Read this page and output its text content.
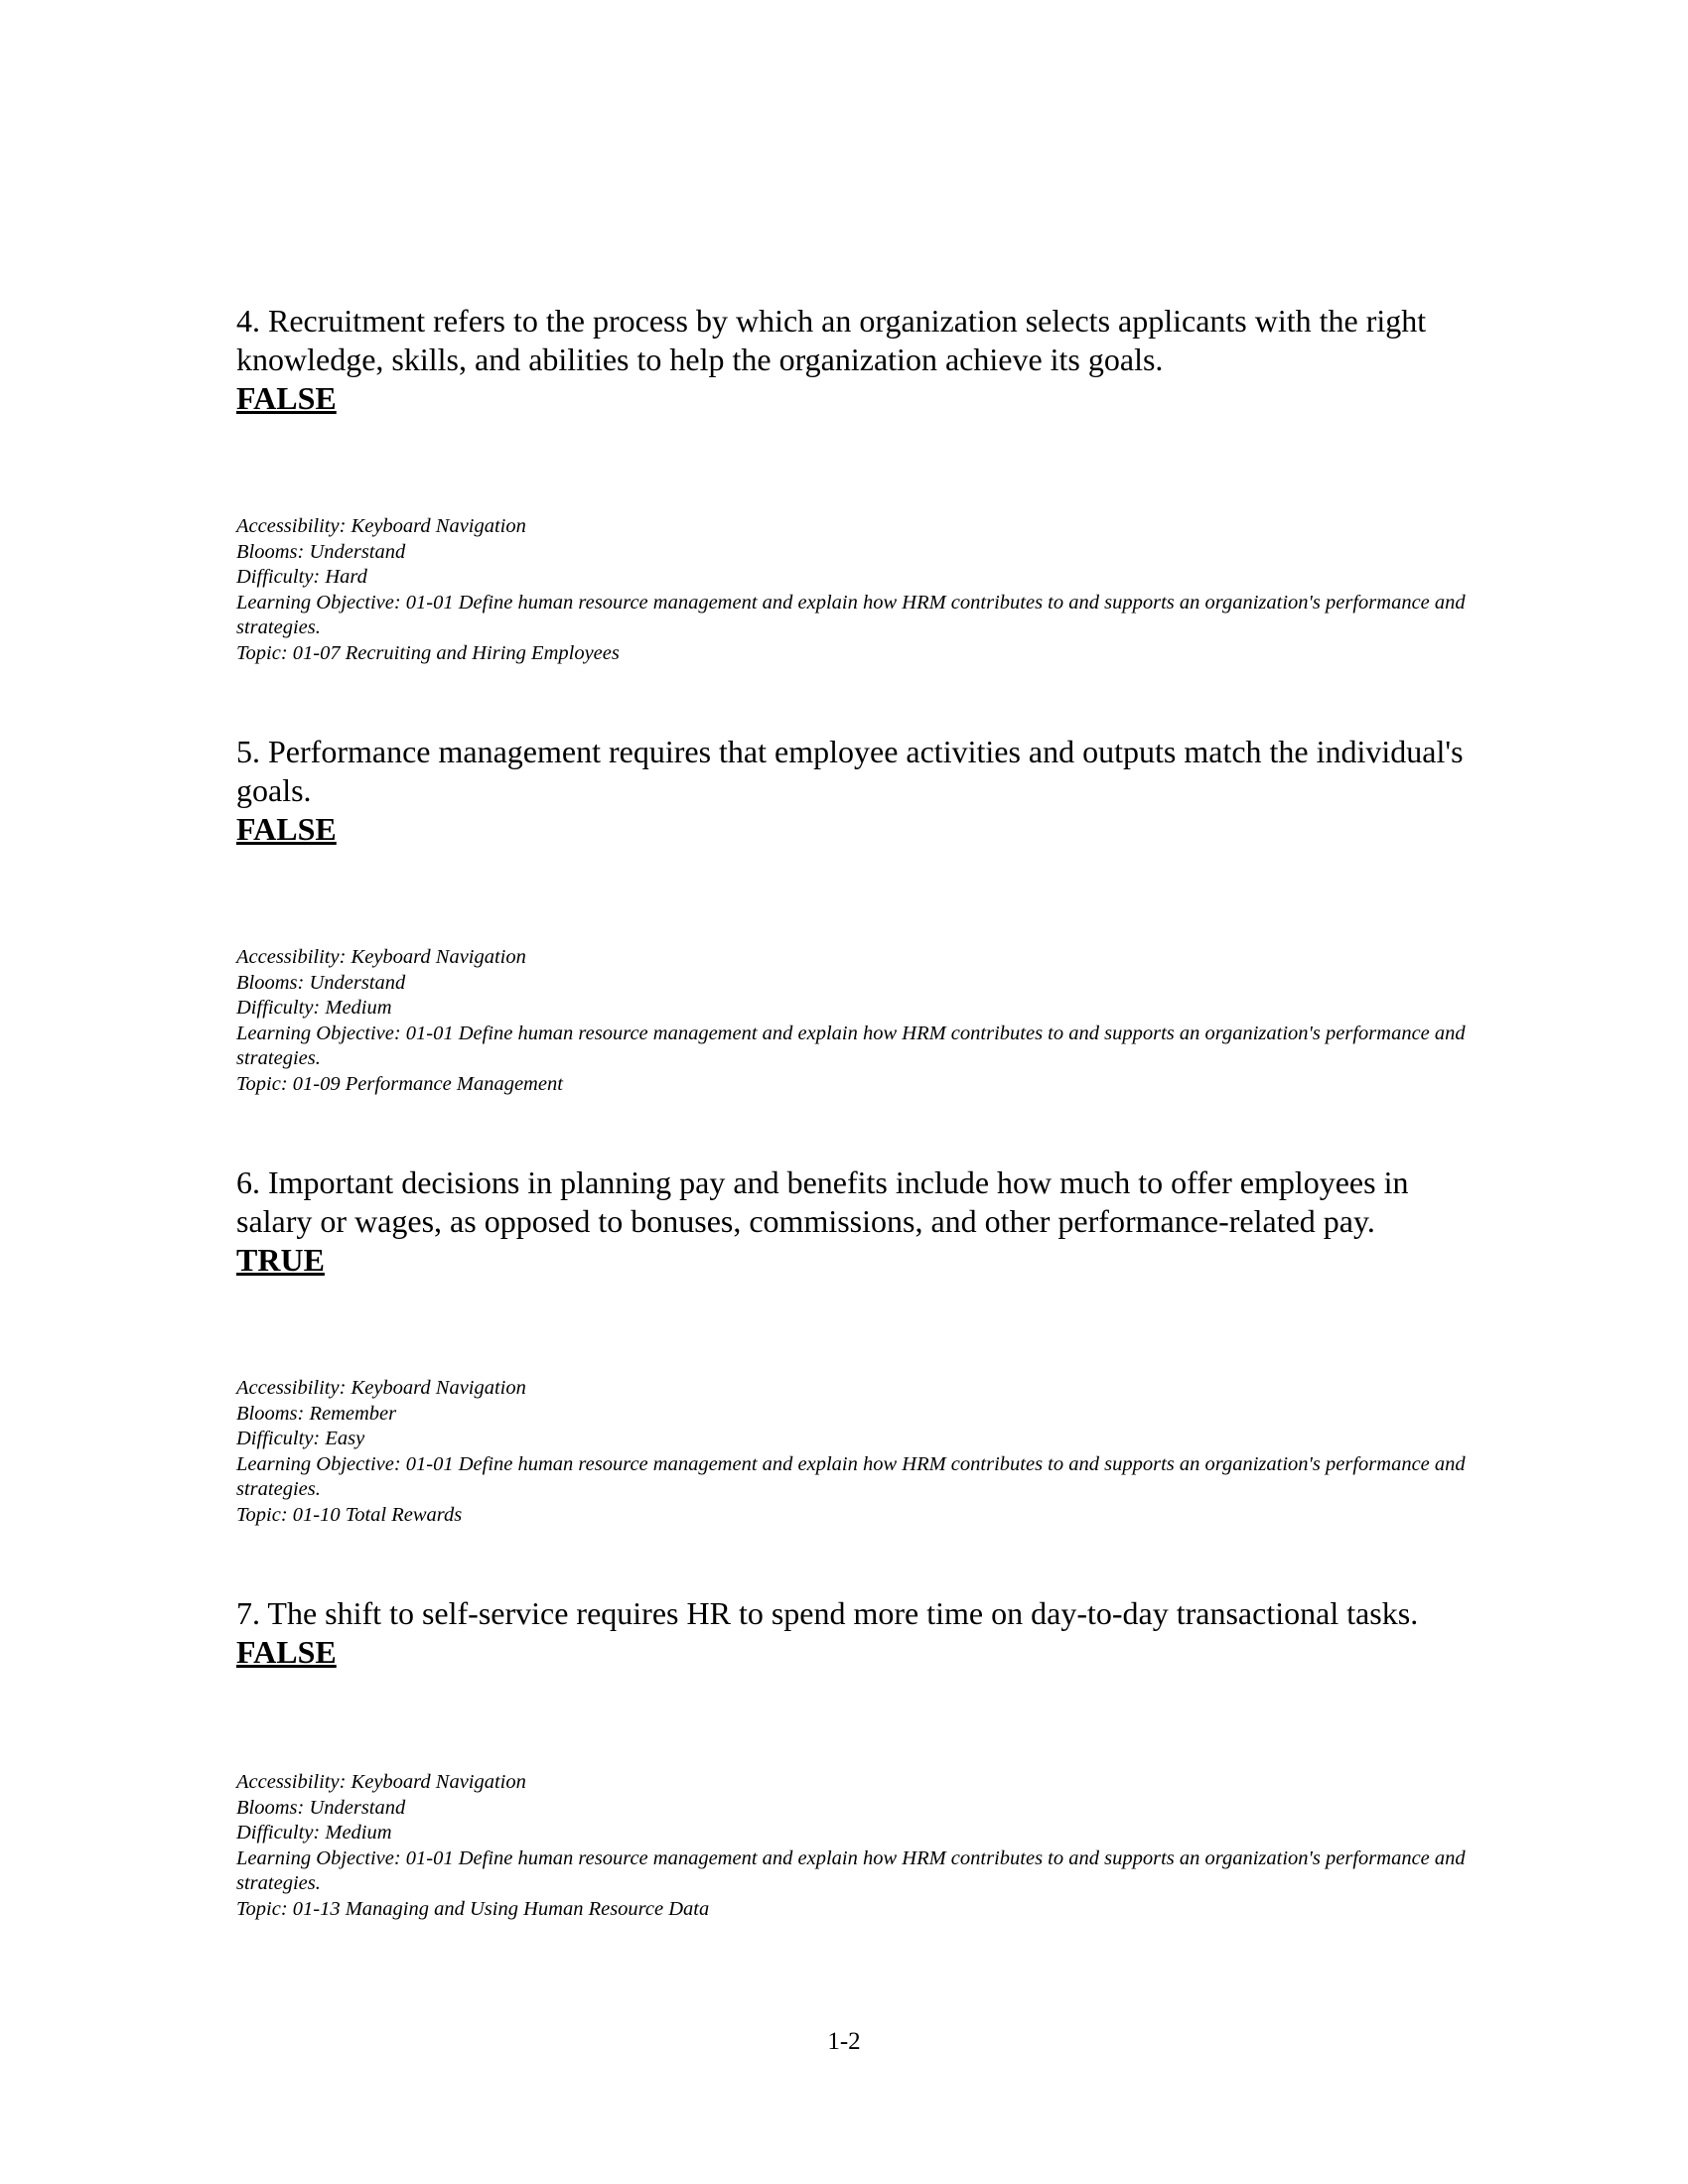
4. Recruitment refers to the process by which an organization selects applicants with the right knowledge, skills, and abilities to help the organization achieve its goals.

FALSE

Accessibility: Keyboard Navigation
Blooms: Understand
Difficulty: Hard
Learning Objective: 01-01 Define human resource management and explain how HRM contributes to and supports an organization's performance and strategies.
Topic: 01-07 Recruiting and Hiring Employees

5. Performance management requires that employee activities and outputs match the individual's goals.

FALSE

Accessibility: Keyboard Navigation
Blooms: Understand
Difficulty: Medium
Learning Objective: 01-01 Define human resource management and explain how HRM contributes to and supports an organization's performance and strategies.
Topic: 01-09 Performance Management

6. Important decisions in planning pay and benefits include how much to offer employees in salary or wages, as opposed to bonuses, commissions, and other performance-related pay.

TRUE

Accessibility: Keyboard Navigation
Blooms: Remember
Difficulty: Easy
Learning Objective: 01-01 Define human resource management and explain how HRM contributes to and supports an organization's performance and strategies.
Topic: 01-10 Total Rewards

7. The shift to self-service requires HR to spend more time on day-to-day transactional tasks.

FALSE

Accessibility: Keyboard Navigation
Blooms: Understand
Difficulty: Medium
Learning Objective: 01-01 Define human resource management and explain how HRM contributes to and supports an organization's performance and strategies.
Topic: 01-13 Managing and Using Human Resource Data
1-2
